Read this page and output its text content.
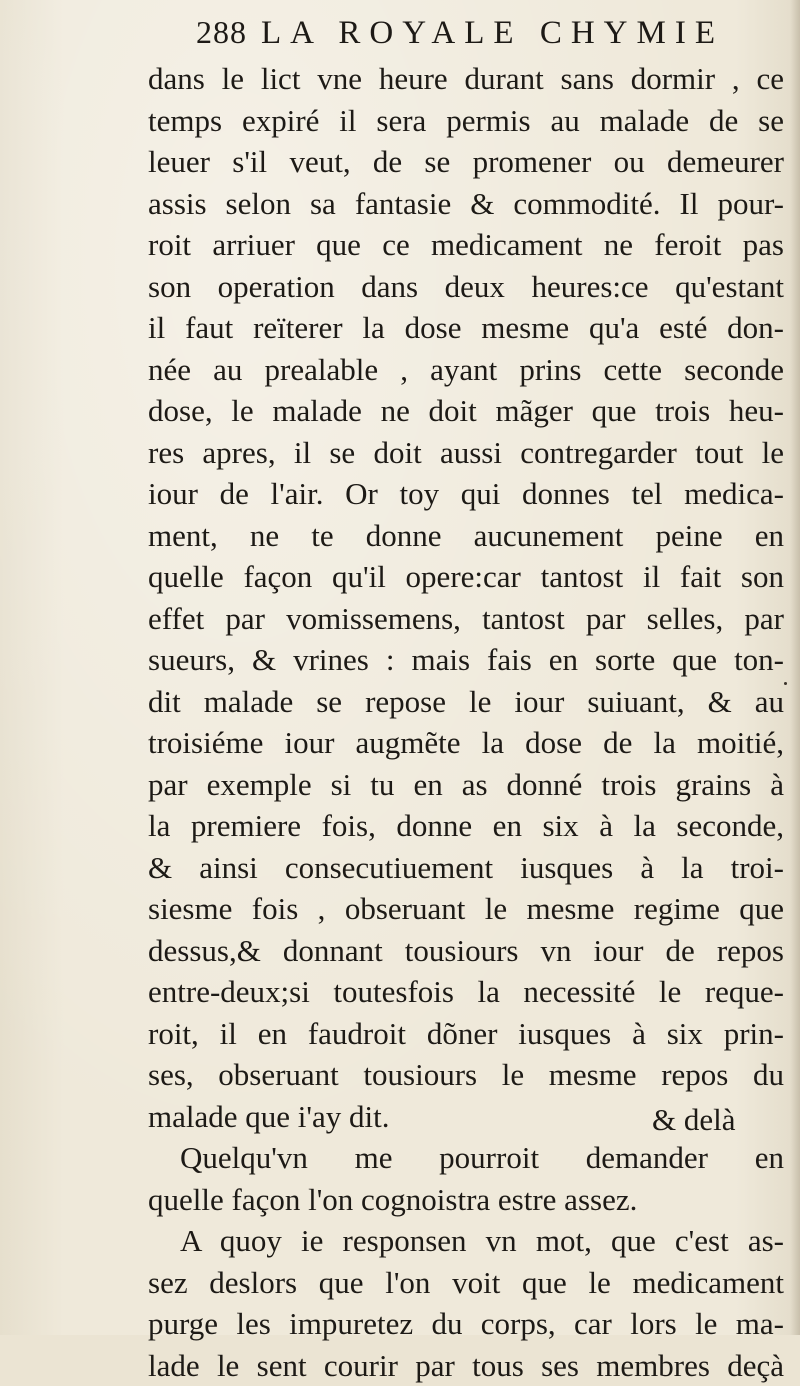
288 LA ROYALE CHYMIE
dans le lict vne heure durant sans dormir , ce
temps expiré il sera permis au malade de se
leuer s'il veut, de se promener ou demeurer
assis selon sa fantasie & commodité. Il pour-
roit arriuer que ce medicament ne feroit pas
son operation dans deux heures:ce qu'estant
il faut reïterer la dose mesme qu'a esté don-
née au prealable , ayant prins cette seconde
dose, le malade ne doit mãger que trois heu-
res apres, il se doit aussi contregarder tout le
iour de l'air. Or toy qui donnes tel medica-
ment, ne te donne aucunement peine en
quelle façon qu'il opere:car tantost il fait son
effet par vomissemens, tantost par selles, par
sueurs, & vrines : mais fais en sorte que ton-
dit malade se repose le iour suiuant, & au
troisiéme iour augmẽte la dose de la moitié,
par exemple si tu en as donné trois grains à
la premiere fois, donne en six à la seconde,
& ainsi consecutiuement iusques à la troi-
siesme fois , obseruant le mesme regime que
dessus,& donnant tousiours vn iour de repos
entre-deux;si toutesfois la necessité le reque-
roit, il en faudroit dõner iusques à six prin-
ses, obseruant tousiours le mesme repos du
malade que i'ay dit.
Quelqu'vn me pourroit demander en
quelle façon l'on cognoistra estre assez.
A quoy ie responsen vn mot, que c'est as-
sez deslors que l'on voit que le medicament
purge les impuretez du corps, car lors le ma-
lade le sent courir par tous ses membres deçà
& delà
